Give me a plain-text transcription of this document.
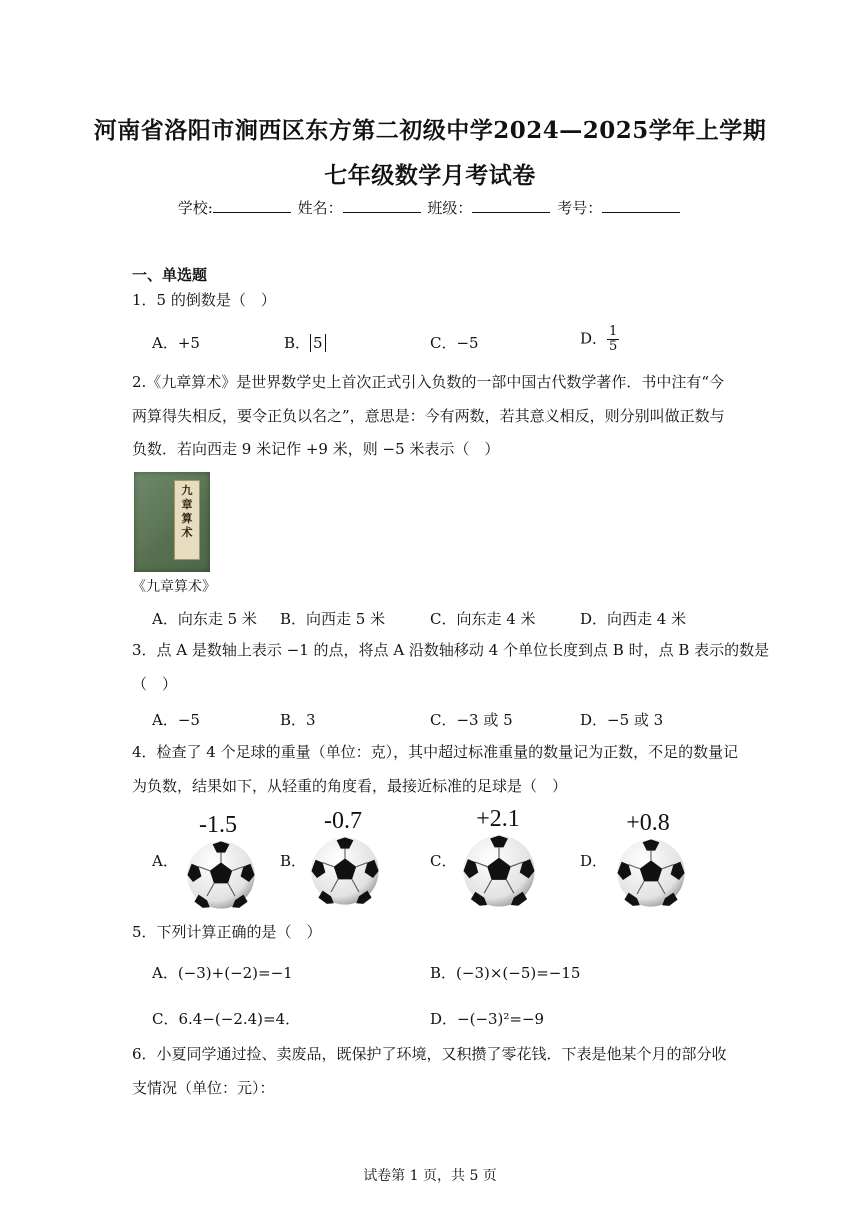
河南省洛阳市涧西区东方第二初级中学2024—2025学年上学期
七年级数学月考试卷
学校:	姓名：	班级：	考号：
一、单选题
1．5 的倒数是（　）
A．+5	B． 5	C．−5	D． $\frac{1}{5}$
2.《九章算术》是世界数学史上首次正式引入负数的一部中国古代数学著作．书中注有“今
两算得失相反，要令正负以名之”，意思是：今有两数，若其意义相反，则分别叫做正数与
负数．若向西走 9 米记作 +9 米，则 −5 米表示（　）
九
章
算
术
《九章算术》
A．向东走 5 米 B．向西走 5 米	C．向东走 4 米	D．向西走 4 米
3．点 A 是数轴上表示 −1 的点，将点 A 沿数轴移动 4 个单位长度到点 B 时，点 B 表示的数是
（　）
A．−5	B．3	C．−3 或 5	D．−5 或 3
4．检查了 4 个足球的重量（单位：克），其中超过标准重量的数量记为正数，不足的数量记
为负数，结果如下，从轻重的角度看，最接近标准的足球是（　）
A．	B．	C．	D．
-1.5	-0.7	+2.1	+0.8
5．下列计算正确的是（　）
A．(−3)+(−2)=−1	B．(−3)×(−5)=−15
C．6.4−(−2.4)=4．	D．−(−3)²=−9
6．小夏同学通过捡、卖废品，既保护了环境，又积攒了零花钱．下表是他某个月的部分收
支情况（单位：元）：
试卷第 1 页，共 5 页
